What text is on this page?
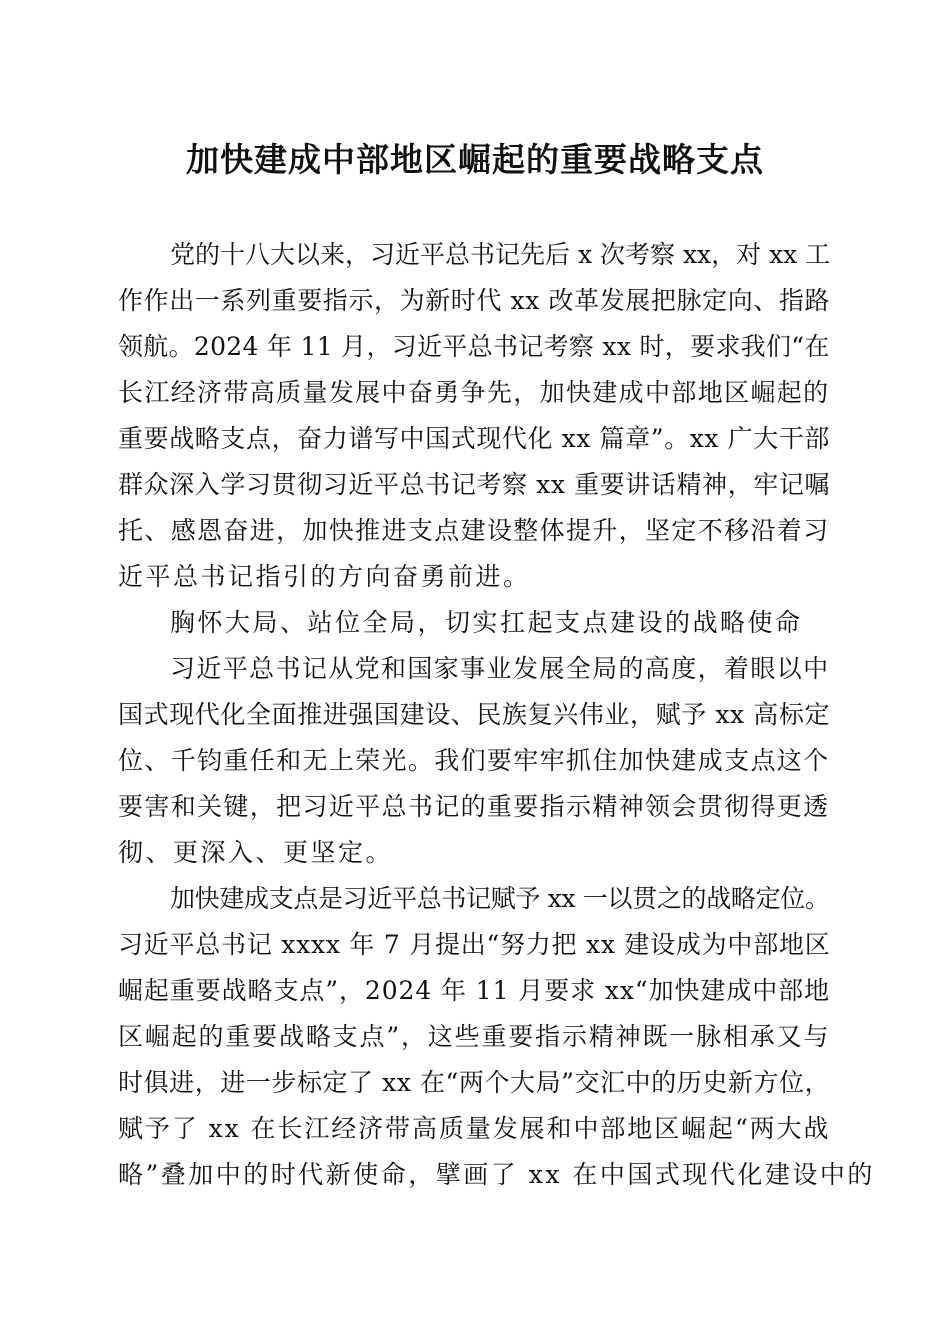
加快建成中部地区崛起的重要战略支点
党的十八大以来，习近平总书记先后 x 次考察 xx，对 xx 工
作作出一系列重要指示，为新时代 xx 改革发展把脉定向、指路
领航。2024 年 11 月，习近平总书记考察 xx 时，要求我们“在
长江经济带高质量发展中奋勇争先，加快建成中部地区崛起的
重要战略支点，奋力谱写中国式现代化 xx 篇章”。xx 广大干部
群众深入学习贯彻习近平总书记考察 xx 重要讲话精神，牢记嘱
托、感恩奋进，加快推进支点建设整体提升，坚定不移沿着习
近平总书记指引的方向奋勇前进。
胸怀大局、站位全局，切实扛起支点建设的战略使命
习近平总书记从党和国家事业发展全局的高度，着眼以中
国式现代化全面推进强国建设、民族复兴伟业，赋予 xx 高标定
位、千钧重任和无上荣光。我们要牢牢抓住加快建成支点这个
要害和关键，把习近平总书记的重要指示精神领会贯彻得更透
彻、更深入、更坚定。
加快建成支点是习近平总书记赋予 xx 一以贯之的战略定位。
习近平总书记 xxxx 年 7 月提出“努力把 xx 建设成为中部地区
崛起重要战略支点”，2024 年 11 月要求 xx“加快建成中部地
区崛起的重要战略支点”，这些重要指示精神既一脉相承又与
时俱进，进一步标定了 xx 在“两个大局”交汇中的历史新方位，
赋予了 xx 在长江经济带高质量发展和中部地区崛起“两大战
略”叠加中的时代新使命，擘画了 xx 在中国式现代化建设中的
